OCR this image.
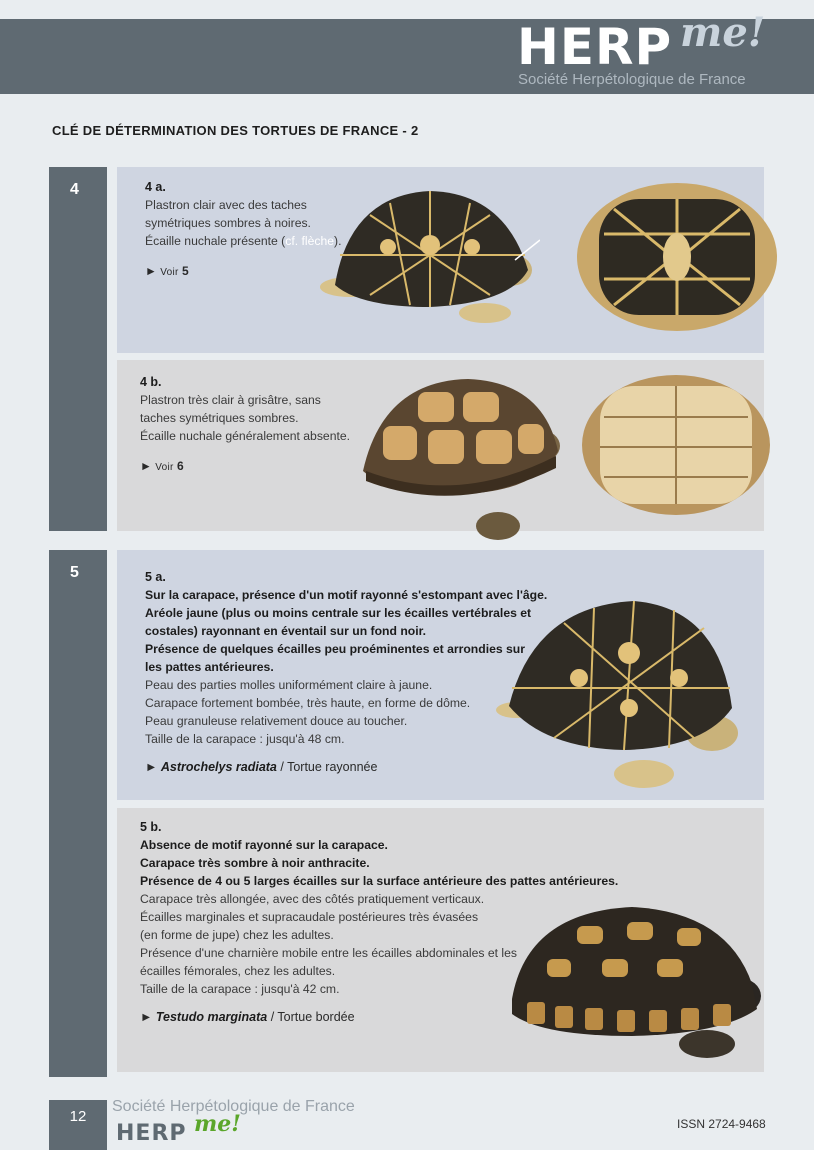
HERP me!
Société Herpétologique de France
CLÉ DE DÉTERMINATION DES TORTUES DE FRANCE - 2
4	4 a.
Plastron clair avec des taches
symétriques sombres à noires.
Écaille nuchale présente (cf. flèche).
► Voir 5
4 b.
Plastron très clair à grisâtre, sans
taches symétriques sombres.
Écaille nuchale généralement absente.
► Voir 6
5	5 a.
Sur la carapace, présence d'un motif rayonné s'estompant avec l'âge.
Aréole jaune (plus ou moins centrale sur les écailles vertébrales et
costales) rayonnant en éventail sur un fond noir.
Présence de quelques écailles peu proéminentes et arrondies sur
les pattes antérieures.
Peau des parties molles uniformément claire à jaune.
Carapace fortement bombée, très haute, en forme de dôme.
Peau granuleuse relativement douce au toucher.
Taille de la carapace : jusqu'à 48 cm.
► Astrochelys radiata / Tortue rayonnée
5 b.
Absence de motif rayonné sur la carapace.
Carapace très sombre à noir anthracite.
Présence de 4 ou 5 larges écailles sur la surface antérieure des pattes antérieures.
Carapace très allongée, avec des côtés pratiquement verticaux.
Écailles marginales et supracaudale postérieures très évasées
(en forme de jupe) chez les adultes.
Présence d'une charnière mobile entre les écailles abdominales et les
écailles fémorales, chez les adultes.
Taille de la carapace : jusqu'à 42 cm.
► Testudo marginata / Tortue bordée
12
Société Herpétologique de France
HERP me!	ISSN 2724-9468
